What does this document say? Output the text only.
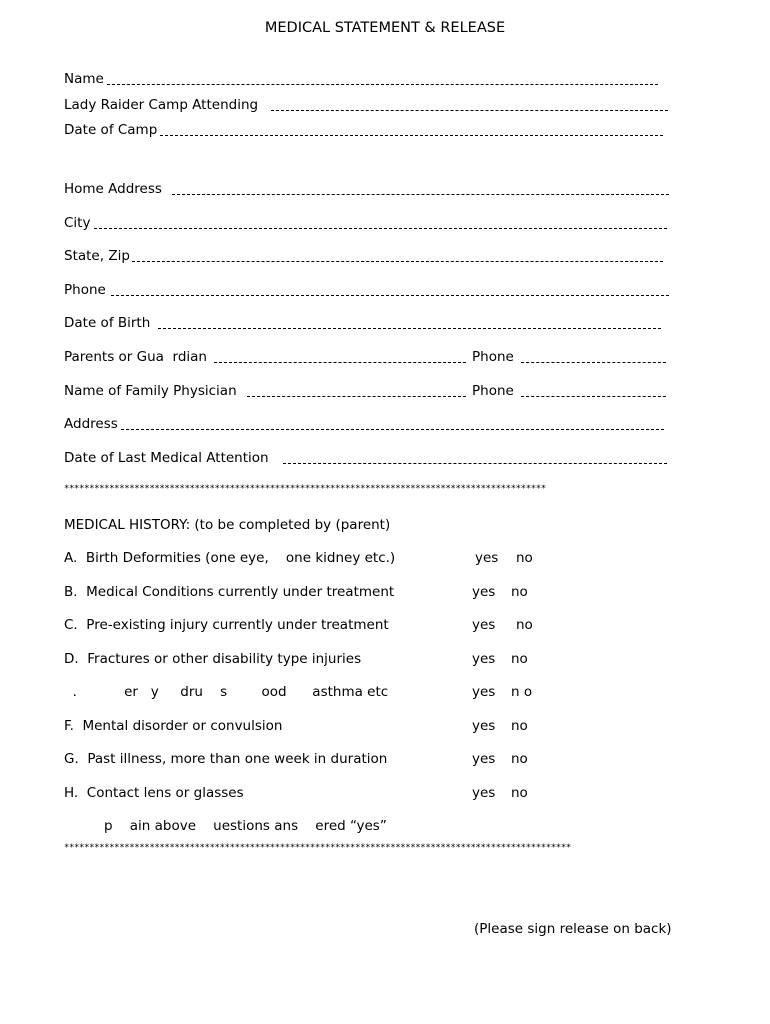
MEDICAL STATEMENT & RELEASE
Name
Lady Raider Camp Attending
Date of Camp
Home Address
City
State, Zip
Phone
Date of Birth
Parents or Gua  rdian	Phone
Name of Family Physician	Phone
Address
Date of Last Medical Attention
************************************************************************************************
MEDICAL HISTORY: (to be completed by (parent)
A.  Birth Deformities (one eye,    one kidney etc.)	yes no
B.  Medical Conditions currently under treatment	yes no
C.  Pre-existing injury currently under treatment	yes no
D.  Fractures or other disability type injuries	yes no
.           er   y     dru    s        ood      asthma etc	yes n o
F.  Mental disorder or convulsion	yes no
G.  Past illness, more than one week in duration	yes no
H.  Contact lens or glasses	yes no
p    ain above    uestions ans    ered “yes”
*****************************************************************************************************
(Please sign release on back)
